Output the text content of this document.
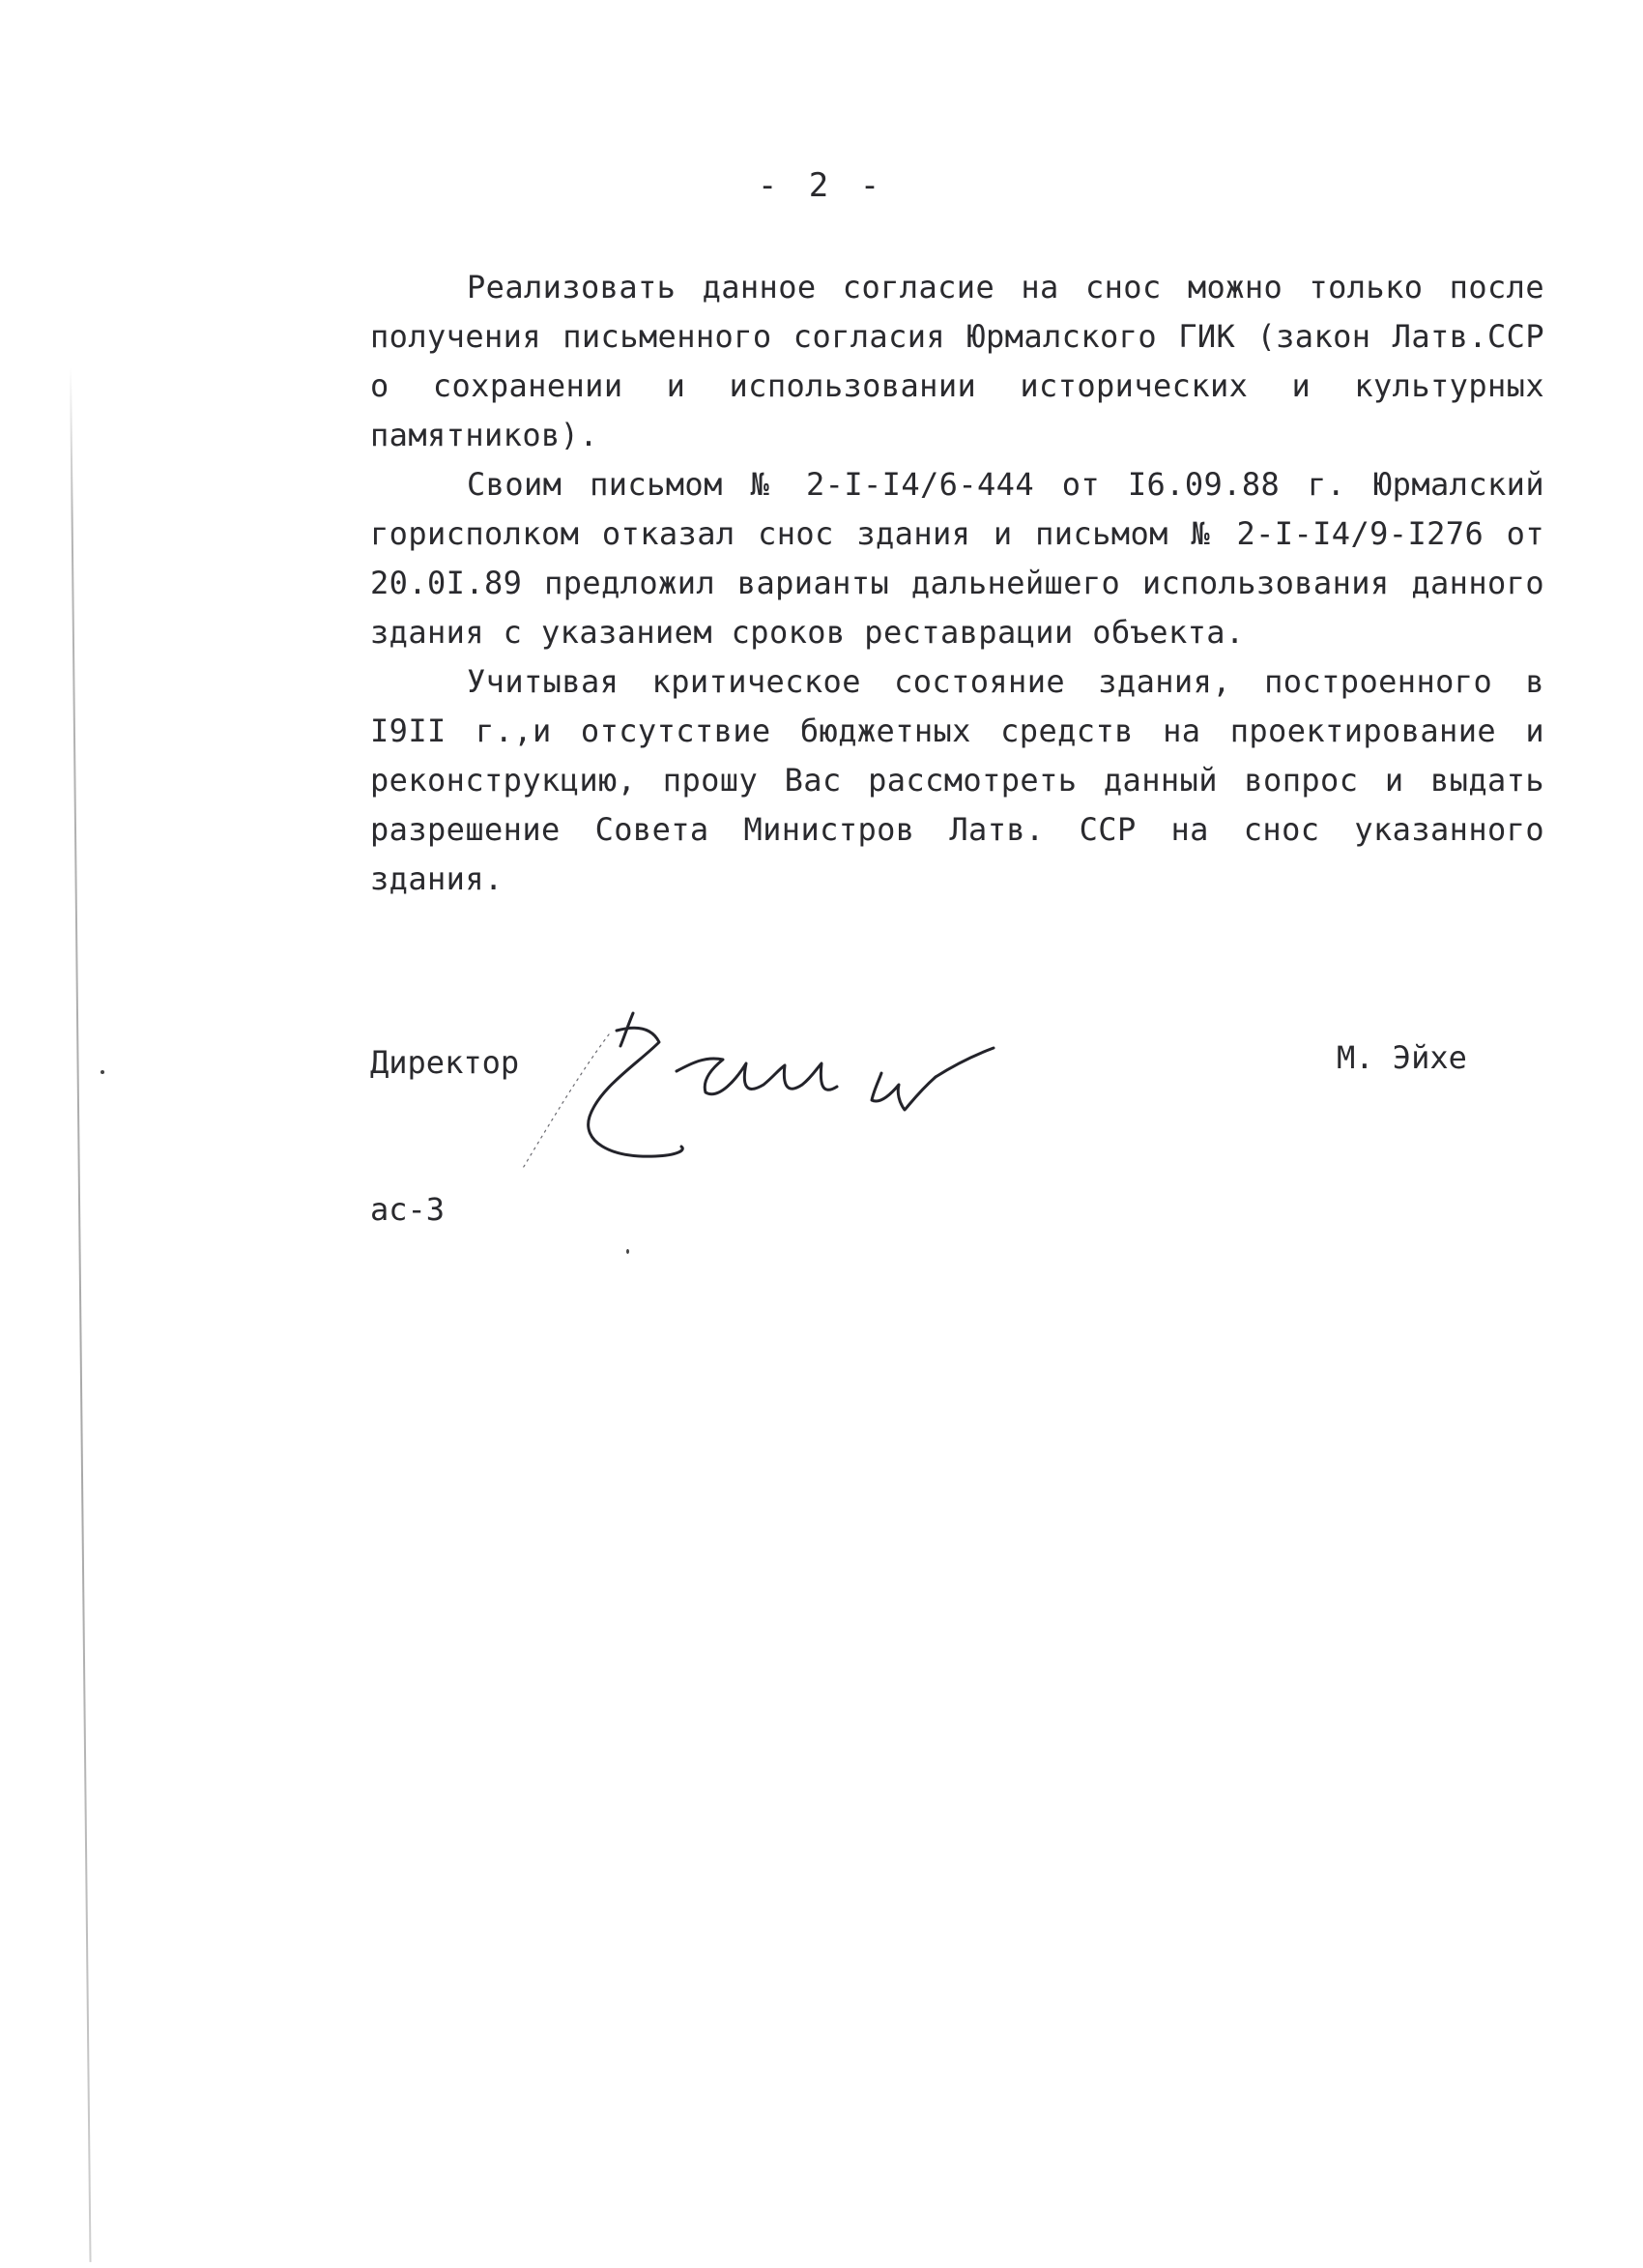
- 2 -

Реализовать данное согласие на снос можно только после получения письменного согласия Юрмалского ГИК (закон Латв.ССР о сохранении и использовании исторических и культурных памятников).

Своим письмом № 2-I-I4/6-444 от I6.09.88 г. Юрмалский горисполком отказал снос здания и письмом № 2-I-I4/9-I276 от 20.0I.89 предложил варианты дальнейшего использования данного здания с указанием сроков реставрации объекта.

Учитывая критическое состояние здания, построенного в I9II г.,и отсутствие бюджетных средств на проектирование и реконструкцию, прошу Вас рассмотреть данный вопрос и выдать разрешение Совета Министров Латв. ССР на снос указанного здания.

Директор	М. Эйхе
ас-3
